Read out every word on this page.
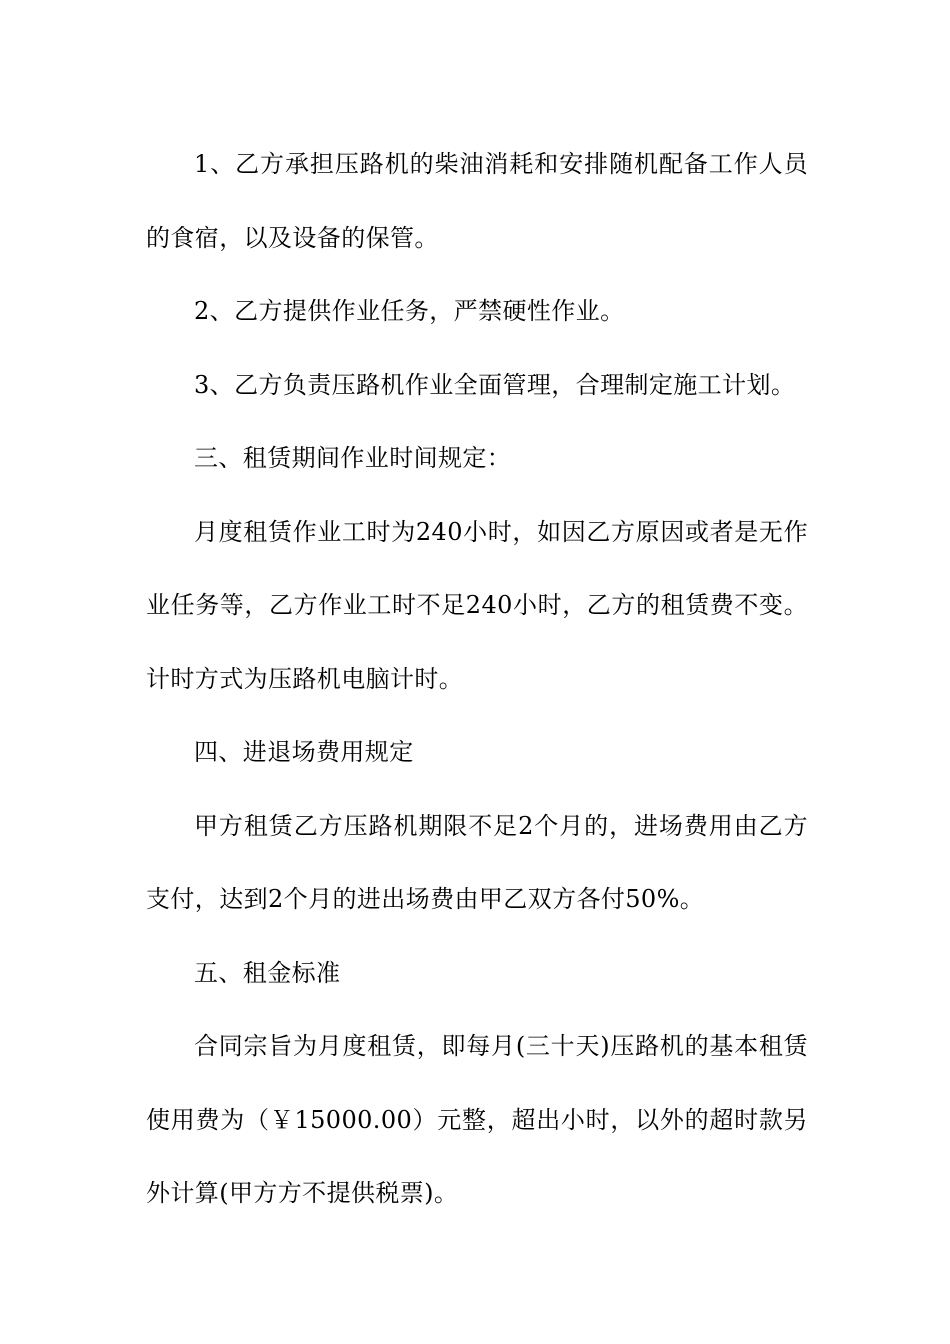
1、乙方承担压路机的柴油消耗和安排随机配备工作人员的食宿，以及设备的保管。

2、乙方提供作业任务，严禁硬性作业。

3、乙方负责压路机作业全面管理，合理制定施工计划。

三、租赁期间作业时间规定：

月度租赁作业工时为240小时，如因乙方原因或者是无作业任务等，乙方作业工时不足240小时，乙方的租赁费不变。计时方式为压路机电脑计时。

四、进退场费用规定

甲方租赁乙方压路机期限不足2个月的，进场费用由乙方支付，达到2个月的进出场费由甲乙双方各付50%。

五、租金标准

合同宗旨为月度租赁，即每月(三十天)压路机的基本租赁使用费为（￥15000.00）元整，超出小时，以外的超时款另外计算(甲方方不提供税票)。
